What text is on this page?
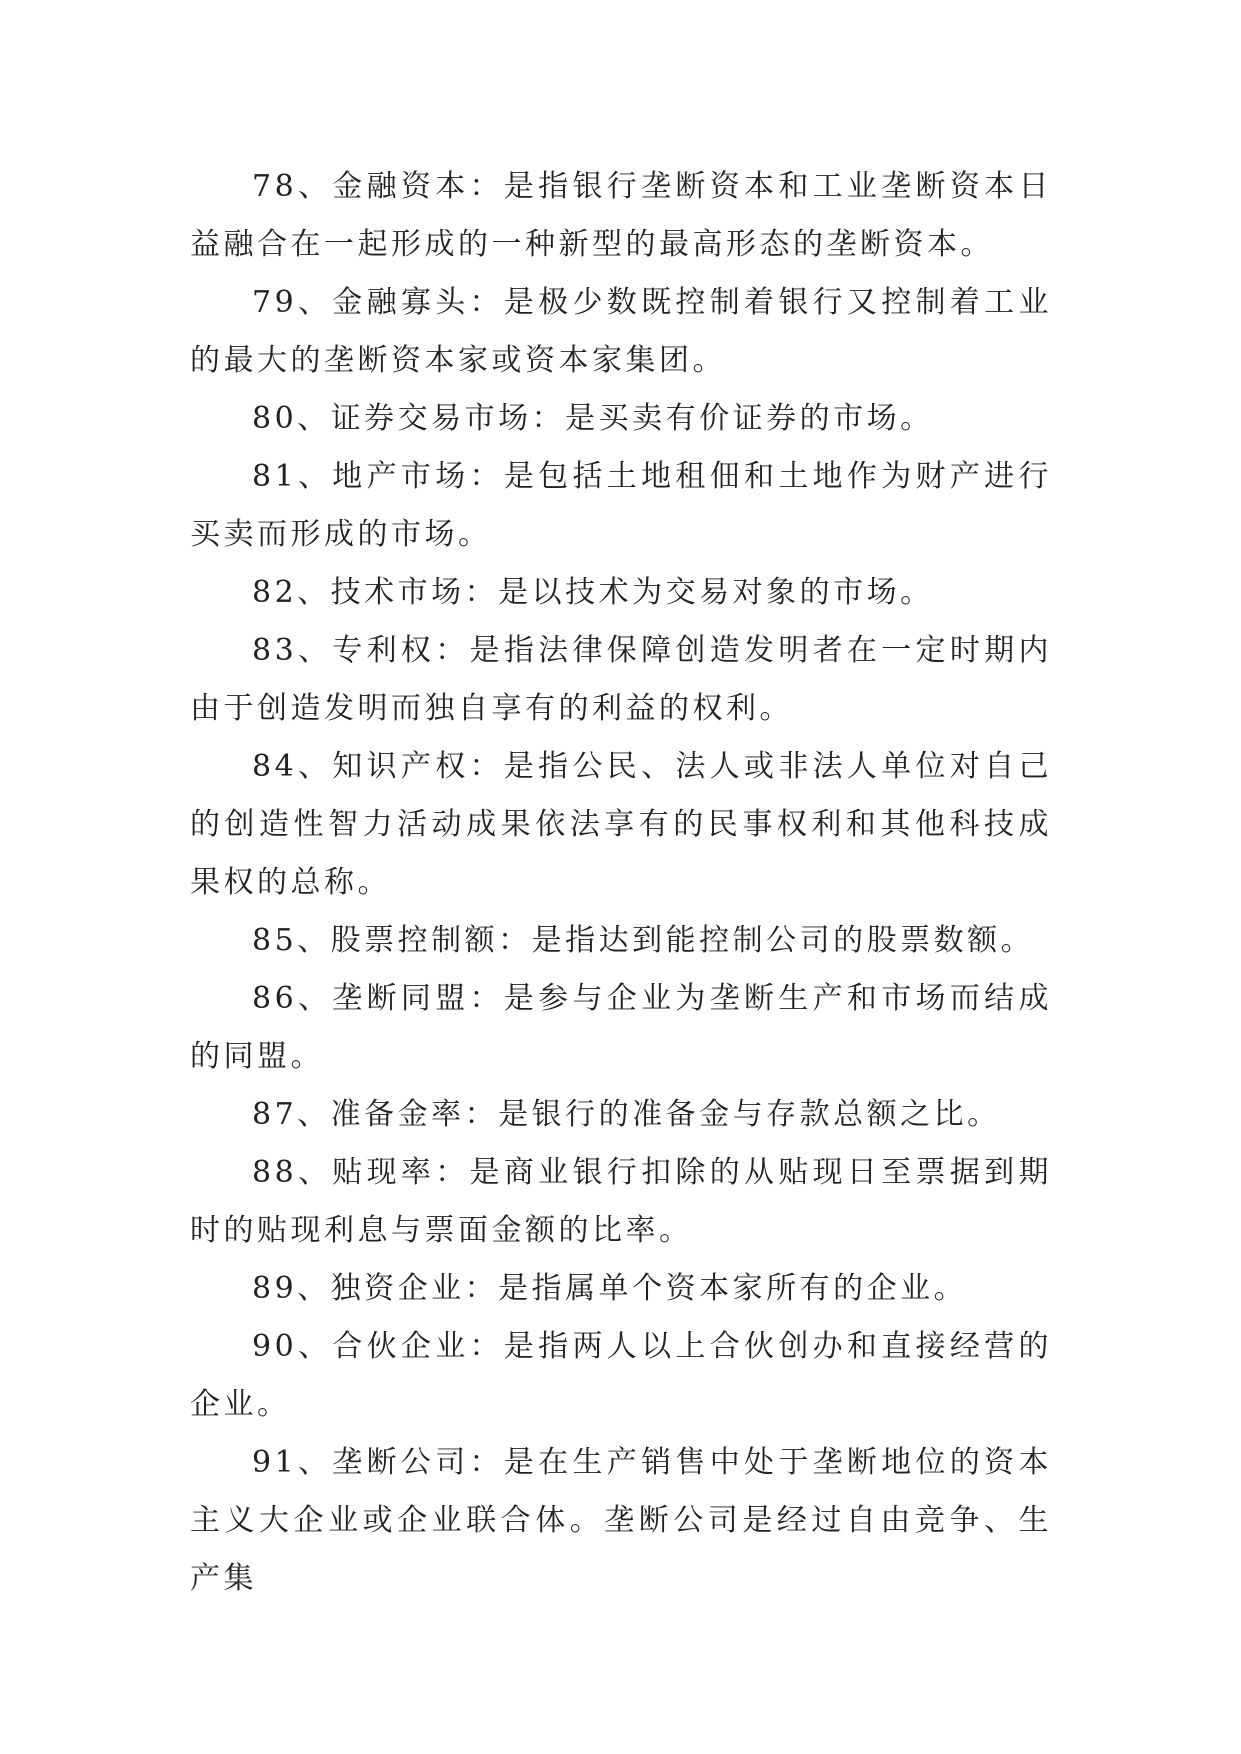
78、金融资本：是指银行垄断资本和工业垄断资本日益融合在一起形成的一种新型的最高形态的垄断资本。

79、金融寡头：是极少数既控制着银行又控制着工业的最大的垄断资本家或资本家集团。

80、证券交易市场：是买卖有价证券的市场。

81、地产市场：是包括土地租佃和土地作为财产进行买卖而形成的市场。

82、技术市场：是以技术为交易对象的市场。

83、专利权：是指法律保障创造发明者在一定时期内由于创造发明而独自享有的利益的权利。

84、知识产权：是指公民、法人或非法人单位对自己的创造性智力活动成果依法享有的民事权利和其他科技成果权的总称。

85、股票控制额：是指达到能控制公司的股票数额。

86、垄断同盟：是参与企业为垄断生产和市场而结成的同盟。

87、准备金率：是银行的准备金与存款总额之比。

88、贴现率：是商业银行扣除的从贴现日至票据到期时的贴现利息与票面金额的比率。

89、独资企业：是指属单个资本家所有的企业。

90、合伙企业：是指两人以上合伙创办和直接经营的企业。

91、垄断公司：是在生产销售中处于垄断地位的资本主义大企业或企业联合体。垄断公司是经过自由竞争、生产集
